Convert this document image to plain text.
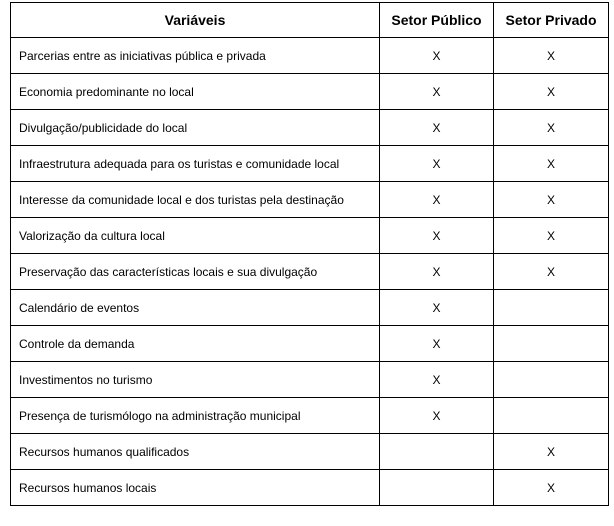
Variáveis	Setor Público	Setor Privado
Parcerias entre as iniciativas pública e privada	X	X
Economia predominante no local	X	X
Divulgação/publicidade do local	X	X
Infraestrutura adequada para os turistas e comunidade local	X	X
Interesse da comunidade local e dos turistas pela destinação	X	X
Valorização da cultura local	X	X
Preservação das características locais e sua divulgação	X	X
Calendário de eventos	X	
Controle da demanda	X	
Investimentos no turismo	X	
Presença de turismólogo na administração municipal	X	
Recursos humanos qualificados		X
Recursos humanos locais		X
